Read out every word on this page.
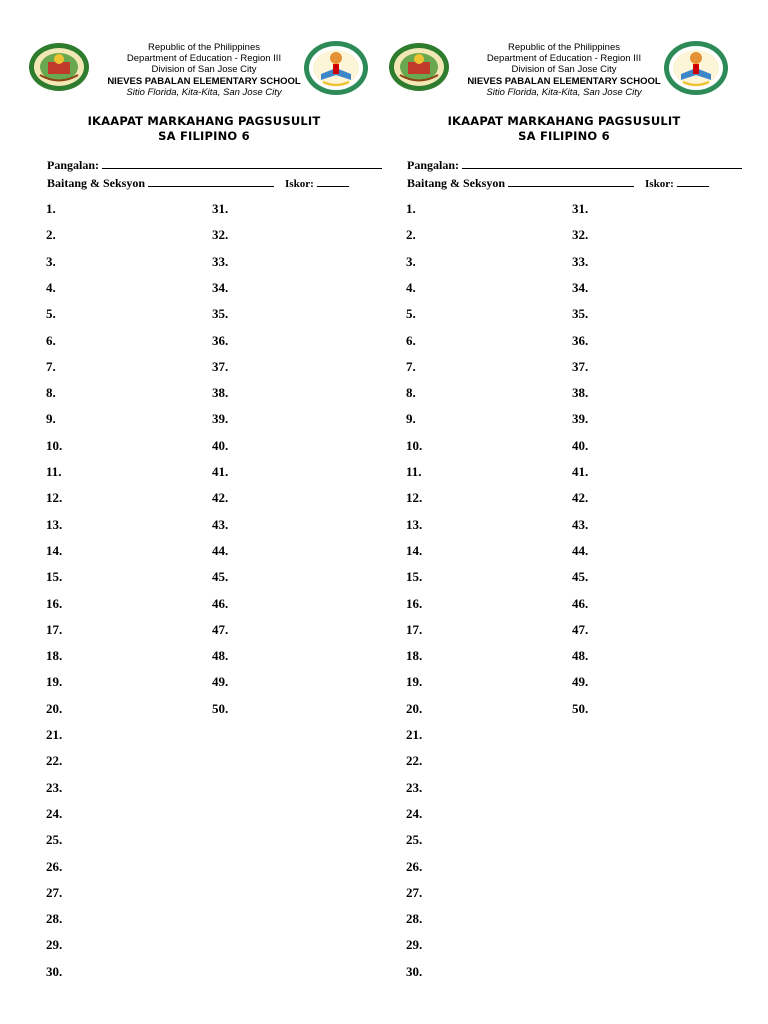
Republic of the Philippines
Department of Education - Region III
Division of San Jose City
NIEVES PABALAN ELEMENTARY SCHOOL
Sitio Florida, Kita-Kita, San Jose City
IKAAPAT MARKAHANG PAGSUSULIT
SA FILIPINO 6
Pangalan:
Baitang & Seksyon	Iskor:
1.
2.
3.
4.
5.
6.
7.
8.
9.
10.
11.
12.
13.
14.
15.
16.
17.
18.
19.
20.
21.
22.
23.
24.
25.
26.
27.
28.
29.
30.
31.
32.
33.
34.
35.
36.
37.
38.
39.
40.
41.
42.
43.
44.
45.
46.
47.
48.
49.
50.
Republic of the Philippines
Department of Education - Region III
Division of San Jose City
NIEVES PABALAN ELEMENTARY SCHOOL
Sitio Florida, Kita-Kita, San Jose City
IKAAPAT MARKAHANG PAGSUSULIT
SA FILIPINO 6
Pangalan:
Baitang & Seksyon	Iskor:
1.
2.
3.
4.
5.
6.
7.
8.
9.
10.
11.
12.
13.
14.
15.
16.
17.
18.
19.
20.
21.
22.
23.
24.
25.
26.
27.
28.
29.
30.
31.
32.
33.
34.
35.
36.
37.
38.
39.
40.
41.
42.
43.
44.
45.
46.
47.
48.
49.
50.
